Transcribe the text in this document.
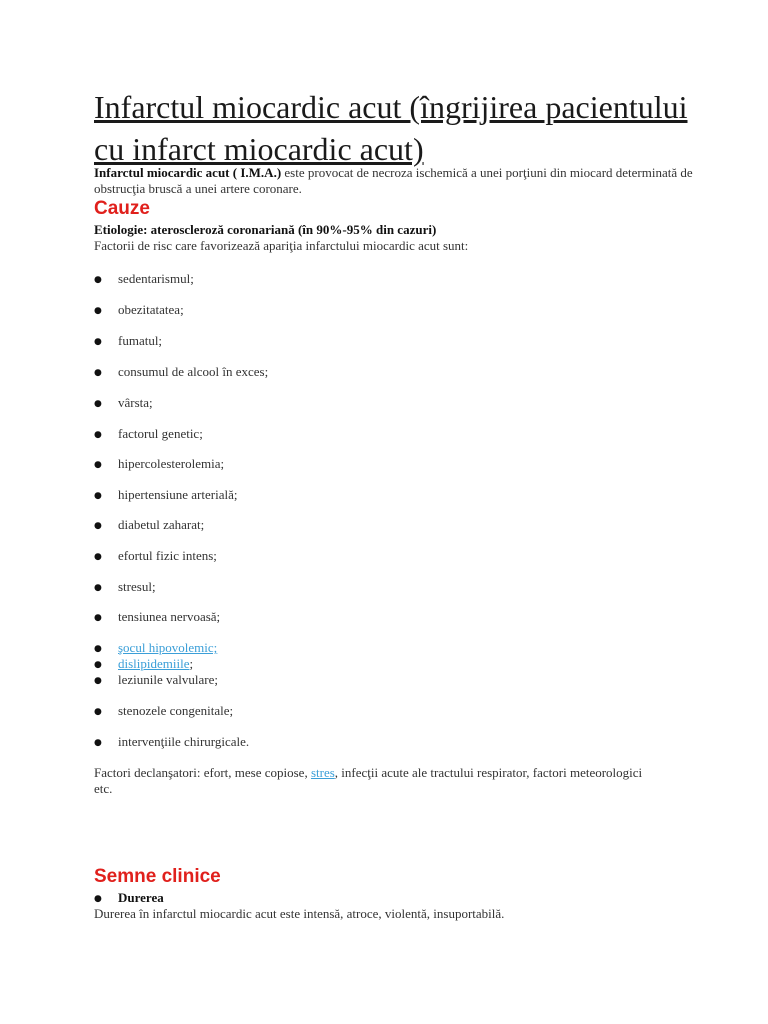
Infarctul miocardic acut (îngrijirea pacientului cu infarct miocardic acut)

Infarctul miocardic acut ( I.M.A.) este provocat de necroza ischemică a unei porţiuni din miocard determinată de obstrucţia bruscă a unei artere coronare.

Cauze

Etiologie: ateroscleroză coronariană (în 90%-95% din cazuri)
Factorii de risc care favorizează apariţia infarctului miocardic acut sunt:

● sedentarismul;
● obezitatatea;
● fumatul;
● consumul de alcool în exces;
● vârsta;
● factorul genetic;
● hipercolesterolemia;
● hipertensiune arterială;
● diabetul zaharat;
● efortul fizic intens;
● stresul;
● tensiunea nervoasă;
● şocul hipovolemic;
● dislipidemiile;
● leziunile valvulare;
● stenozele congenitale;
● intervenţiile chirurgicale.

Factori declanşatori: efort, mese copiose, stres, infecţii acute ale tractului respirator, factori meteorologici etc.

Semne clinice
● Durerea

Durerea în infarctul miocardic acut este intensă, atroce, violentă, insuportabilă.
